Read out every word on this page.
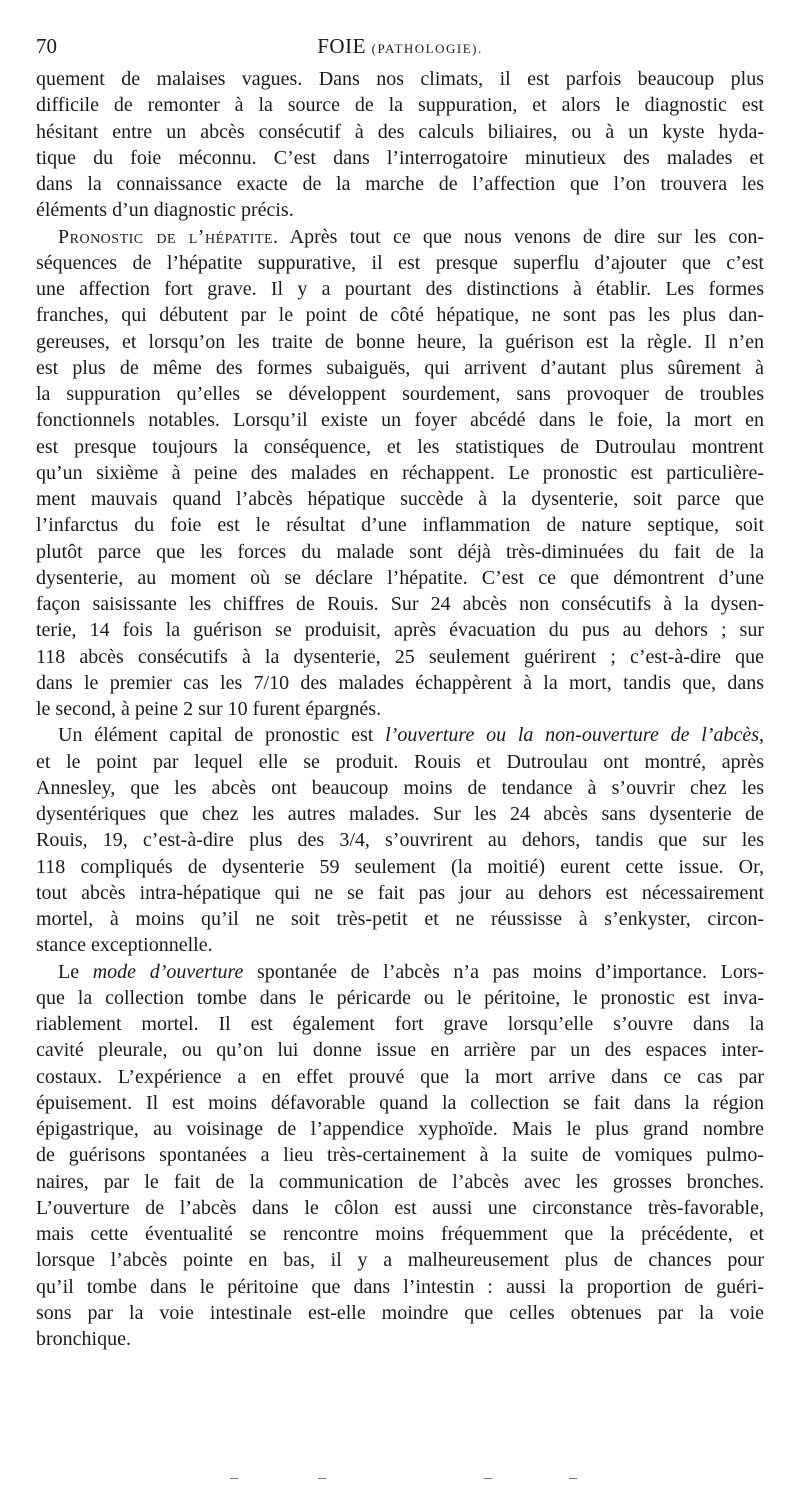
70	FOIE (PATHOLOGIE).
quement de malaises vagues. Dans nos climats, il est parfois beaucoup plus
difficile de remonter à la source de la suppuration, et alors le diagnostic est
hésitant entre un abcès consécutif à des calculs biliaires, ou à un kyste hyda-
tique du foie méconnu. C’est dans l’interrogatoire minutieux des malades et
dans la connaissance exacte de la marche de l’affection que l’on trouvera les
éléments d’un diagnostic précis.
Pronostic de l’hépatite. Après tout ce que nous venons de dire sur les con-
séquences de l’hépatite suppurative, il est presque superflu d’ajouter que c’est
une affection fort grave. Il y a pourtant des distinctions à établir. Les formes
franches, qui débutent par le point de côté hépatique, ne sont pas les plus dan-
gereuses, et lorsqu’on les traite de bonne heure, la guérison est la règle. Il n’en
est plus de même des formes subaiguës, qui arrivent d’autant plus sûrement à
la suppuration qu’elles se développent sourdement, sans provoquer de troubles
fonctionnels notables. Lorsqu’il existe un foyer abcédé dans le foie, la mort en
est presque toujours la conséquence, et les statistiques de Dutroulau montrent
qu’un sixième à peine des malades en réchappent. Le pronostic est particulière-
ment mauvais quand l’abcès hépatique succède à la dysenterie, soit parce que
l’infarctus du foie est le résultat d’une inflammation de nature septique, soit
plutôt parce que les forces du malade sont déjà très-diminuées du fait de la
dysenterie, au moment où se déclare l’hépatite. C’est ce que démontrent d’une
façon saisissante les chiffres de Rouis. Sur 24 abcès non consécutifs à la dysen-
terie, 14 fois la guérison se produisit, après évacuation du pus au dehors ; sur
118 abcès consécutifs à la dysenterie, 25 seulement guérirent ; c’est-à-dire que
dans le premier cas les 7/10 des malades échappèrent à la mort, tandis que, dans
le second, à peine 2 sur 10 furent épargnés.
Un élément capital de pronostic est l’ouverture ou la non-ouverture de l’abcès,
et le point par lequel elle se produit. Rouis et Dutroulau ont montré, après
Annesley, que les abcès ont beaucoup moins de tendance à s’ouvrir chez les
dysentériques que chez les autres malades. Sur les 24 abcès sans dysenterie de
Rouis, 19, c’est-à-dire plus des 3/4, s’ouvrirent au dehors, tandis que sur les
118 compliqués de dysenterie 59 seulement (la moitié) eurent cette issue. Or,
tout abcès intra-hépatique qui ne se fait pas jour au dehors est nécessairement
mortel, à moins qu’il ne soit très-petit et ne réussisse à s’enkyster, circon-
stance exceptionnelle.
Le mode d’ouverture spontanée de l’abcès n’a pas moins d’importance. Lors-
que la collection tombe dans le péricarde ou le péritoine, le pronostic est inva-
riablement mortel. Il est également fort grave lorsqu’elle s’ouvre dans la
cavité pleurale, ou qu’on lui donne issue en arrière par un des espaces inter-
costaux. L’expérience a en effet prouvé que la mort arrive dans ce cas par
épuisement. Il est moins défavorable quand la collection se fait dans la région
épigastrique, au voisinage de l’appendice xyphoïde. Mais le plus grand nombre
de guérisons spontanées a lieu très-certainement à la suite de vomiques pulmo-
naires, par le fait de la communication de l’abcès avec les grosses bronches.
L’ouverture de l’abcès dans le côlon est aussi une circonstance très-favorable,
mais cette éventualité se rencontre moins fréquemment que la précédente, et
lorsque l’abcès pointe en bas, il y a malheureusement plus de chances pour
qu’il tombe dans le péritoine que dans l’intestin : aussi la proportion de guéri-
sons par la voie intestinale est-elle moindre que celles obtenues par la voie
bronchique.
